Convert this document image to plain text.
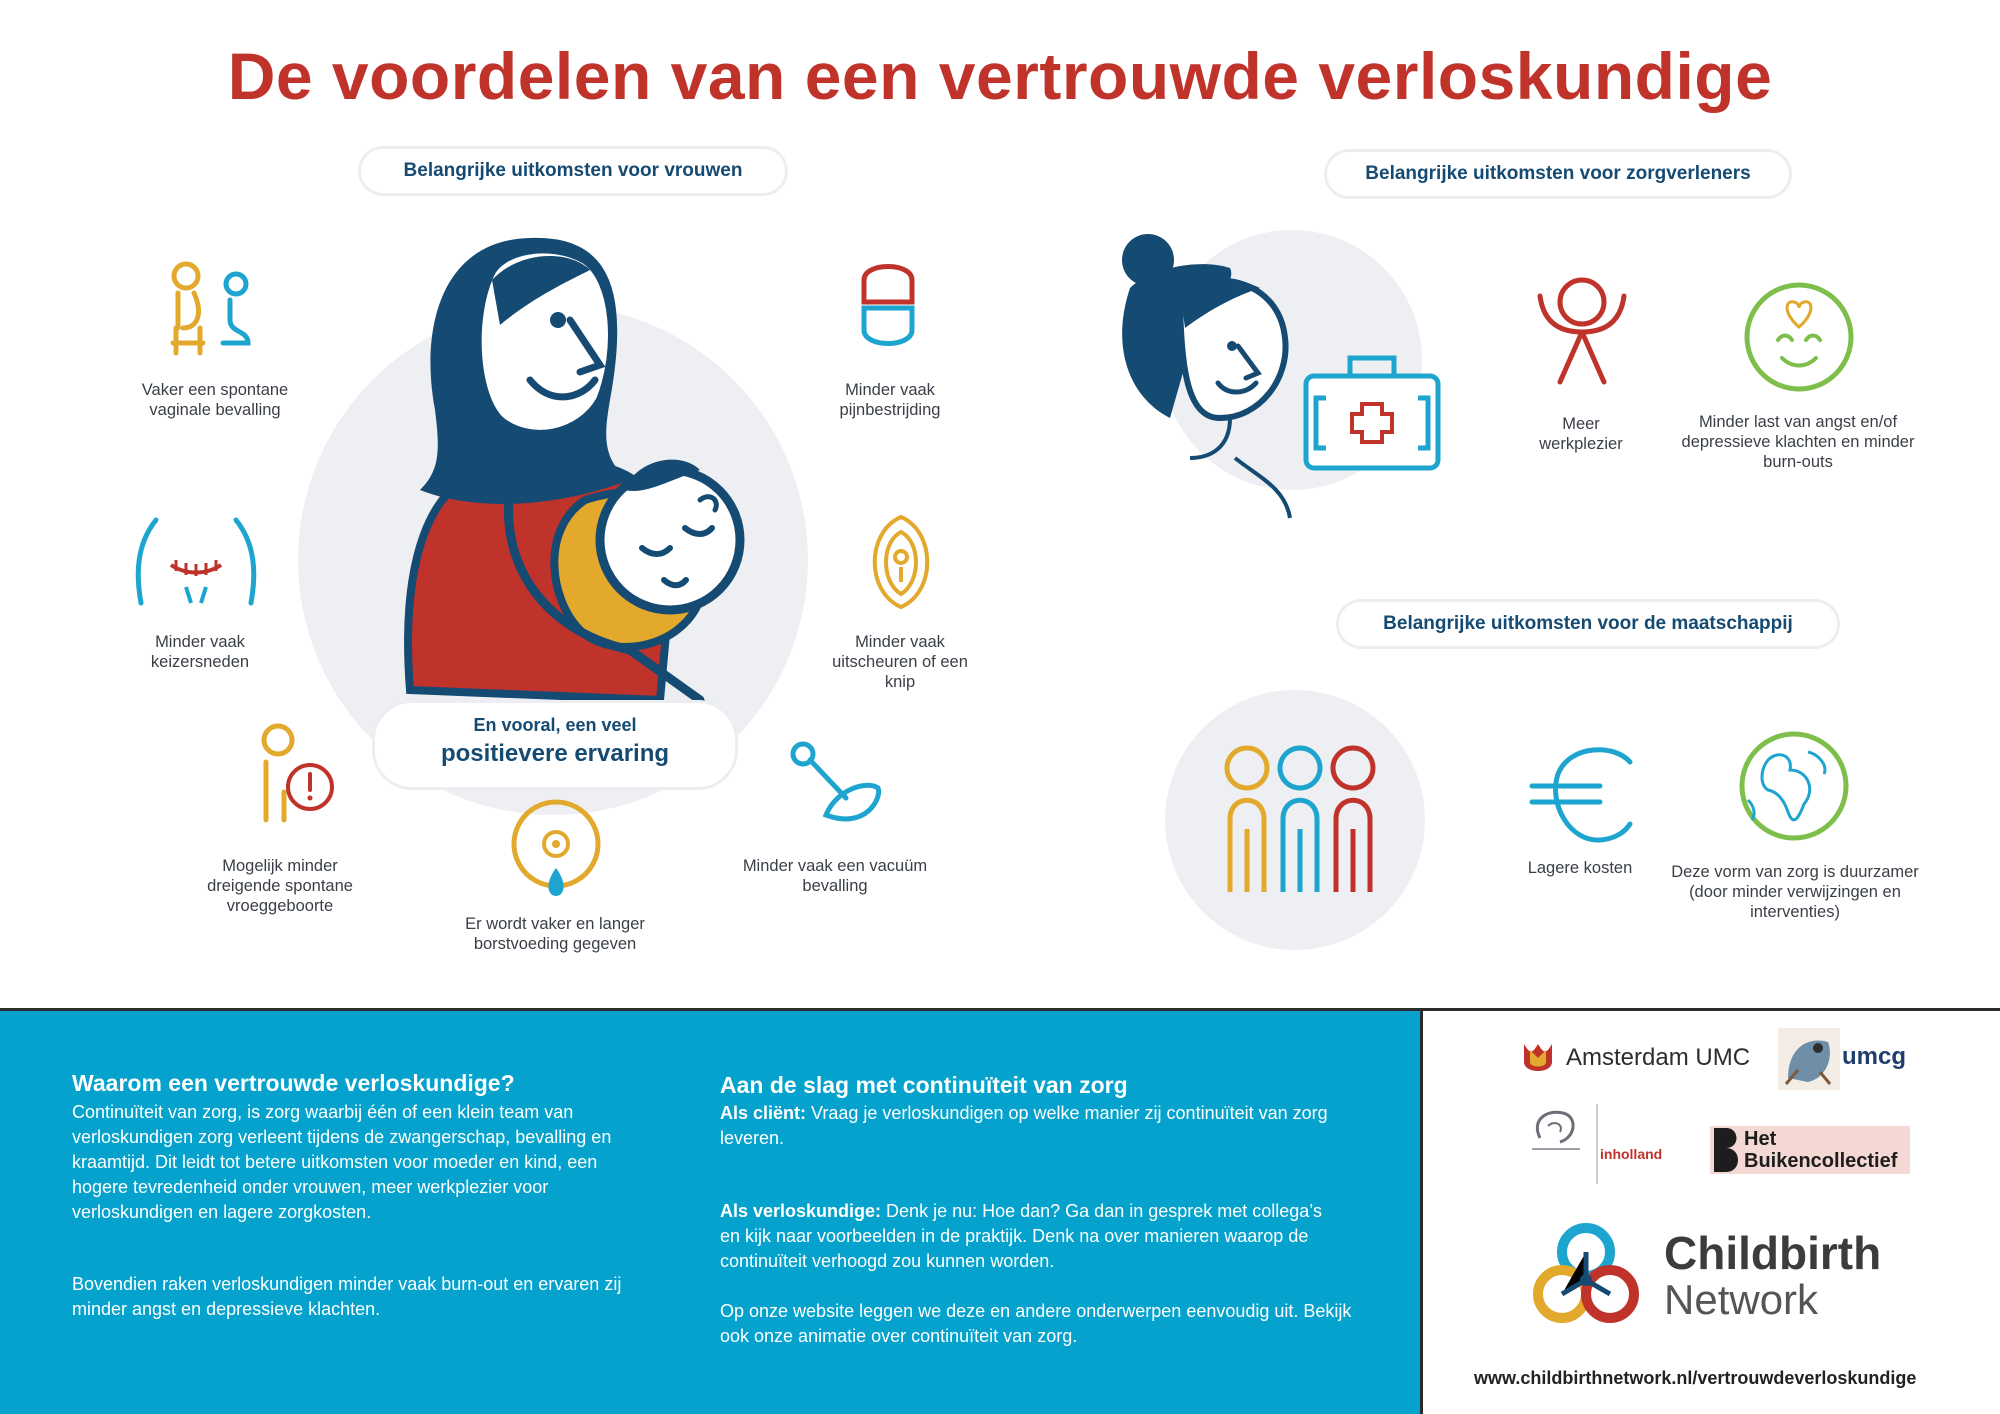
De voordelen van een vertrouwde verloskundige
Belangrijke uitkomsten voor vrouwen	Belangrijke uitkomsten voor zorgverleners
Belangrijke uitkomsten voor de maatschappij
En vooral, een veel
positievere ervaring
Vaker een spontane vaginale bevalling
Minder vaak pijnbestrijding
Minder vaak keizersneden
Minder vaak uitscheuren of een knip
Mogelijk minder dreigende spontane vroeggeboorte
Er wordt vaker en langer borstvoeding gegeven
Minder vaak een vacuüm bevalling
Meer werkplezier
Minder last van angst en/of depressieve klachten en minder burn-outs
Lagere kosten	Deze vorm van zorg is duurzamer (door minder verwijzingen en interventies)
Waarom een vertrouwde verloskundige?
Continuïteit van zorg, is zorg waarbij één of een klein team van verloskundigen zorg verleent tijdens de zwangerschap, bevalling en kraamtijd. Dit leidt tot betere uitkomsten voor moeder en kind, een hogere tevredenheid onder vrouwen, meer werkplezier voor verloskundigen en lagere zorgkosten.
Bovendien raken verloskundigen minder vaak burn-out en ervaren zij minder angst en depressieve klachten.
Aan de slag met continuïteit van zorg
Als cliënt: Vraag je verloskundigen op welke manier zij continuïteit van zorg leveren.
Als verloskundige: Denk je nu: Hoe dan? Ga dan in gesprek met collega’s en kijk naar voorbeelden in de praktijk. Denk na over manieren waarop de continuïteit verhoogd zou kunnen worden.
Op onze website leggen we deze en andere onderwerpen eenvoudig uit. Bekijk ook onze animatie over continuïteit van zorg.
Amsterdam UMC	umcg
inholland
Het
Buikencollectief
Childbirth
Network
www.childbirthnetwork.nl/vertrouwdeverloskundige
